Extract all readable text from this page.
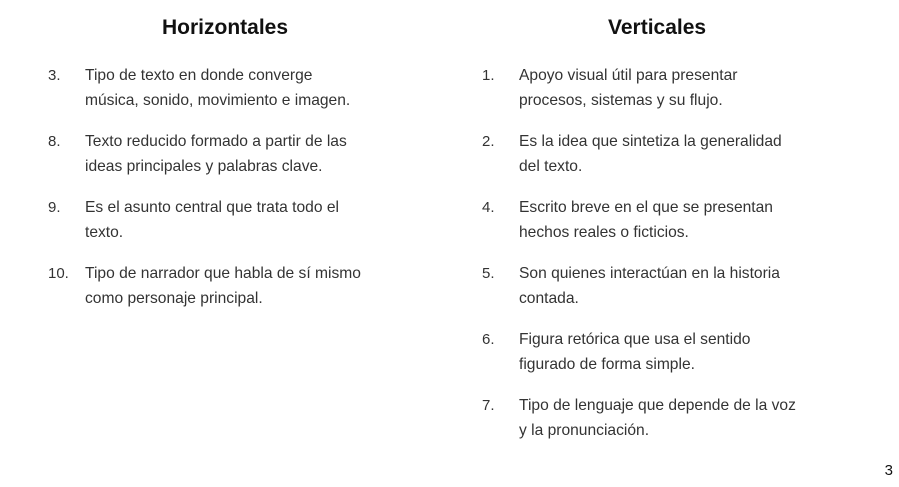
Horizontales
3. Tipo de texto en donde converge
música, sonido, movimiento e imagen.
8. Texto reducido formado a partir de las
ideas principales y palabras clave.
9. Es el asunto central que trata todo el
texto.
10. Tipo de narrador que habla de sí mismo
como personaje principal.
Verticales
1. Apoyo visual útil para presentar
procesos, sistemas y su flujo.
2. Es la idea que sintetiza la generalidad
del texto.
4. Escrito breve en el que se presentan
hechos reales o ficticios.
5. Son quienes interactúan en la historia
contada.
6. Figura retórica que usa el sentido
figurado de forma simple.
7. Tipo de lenguaje que depende de la voz
y la pronunciación.
3
